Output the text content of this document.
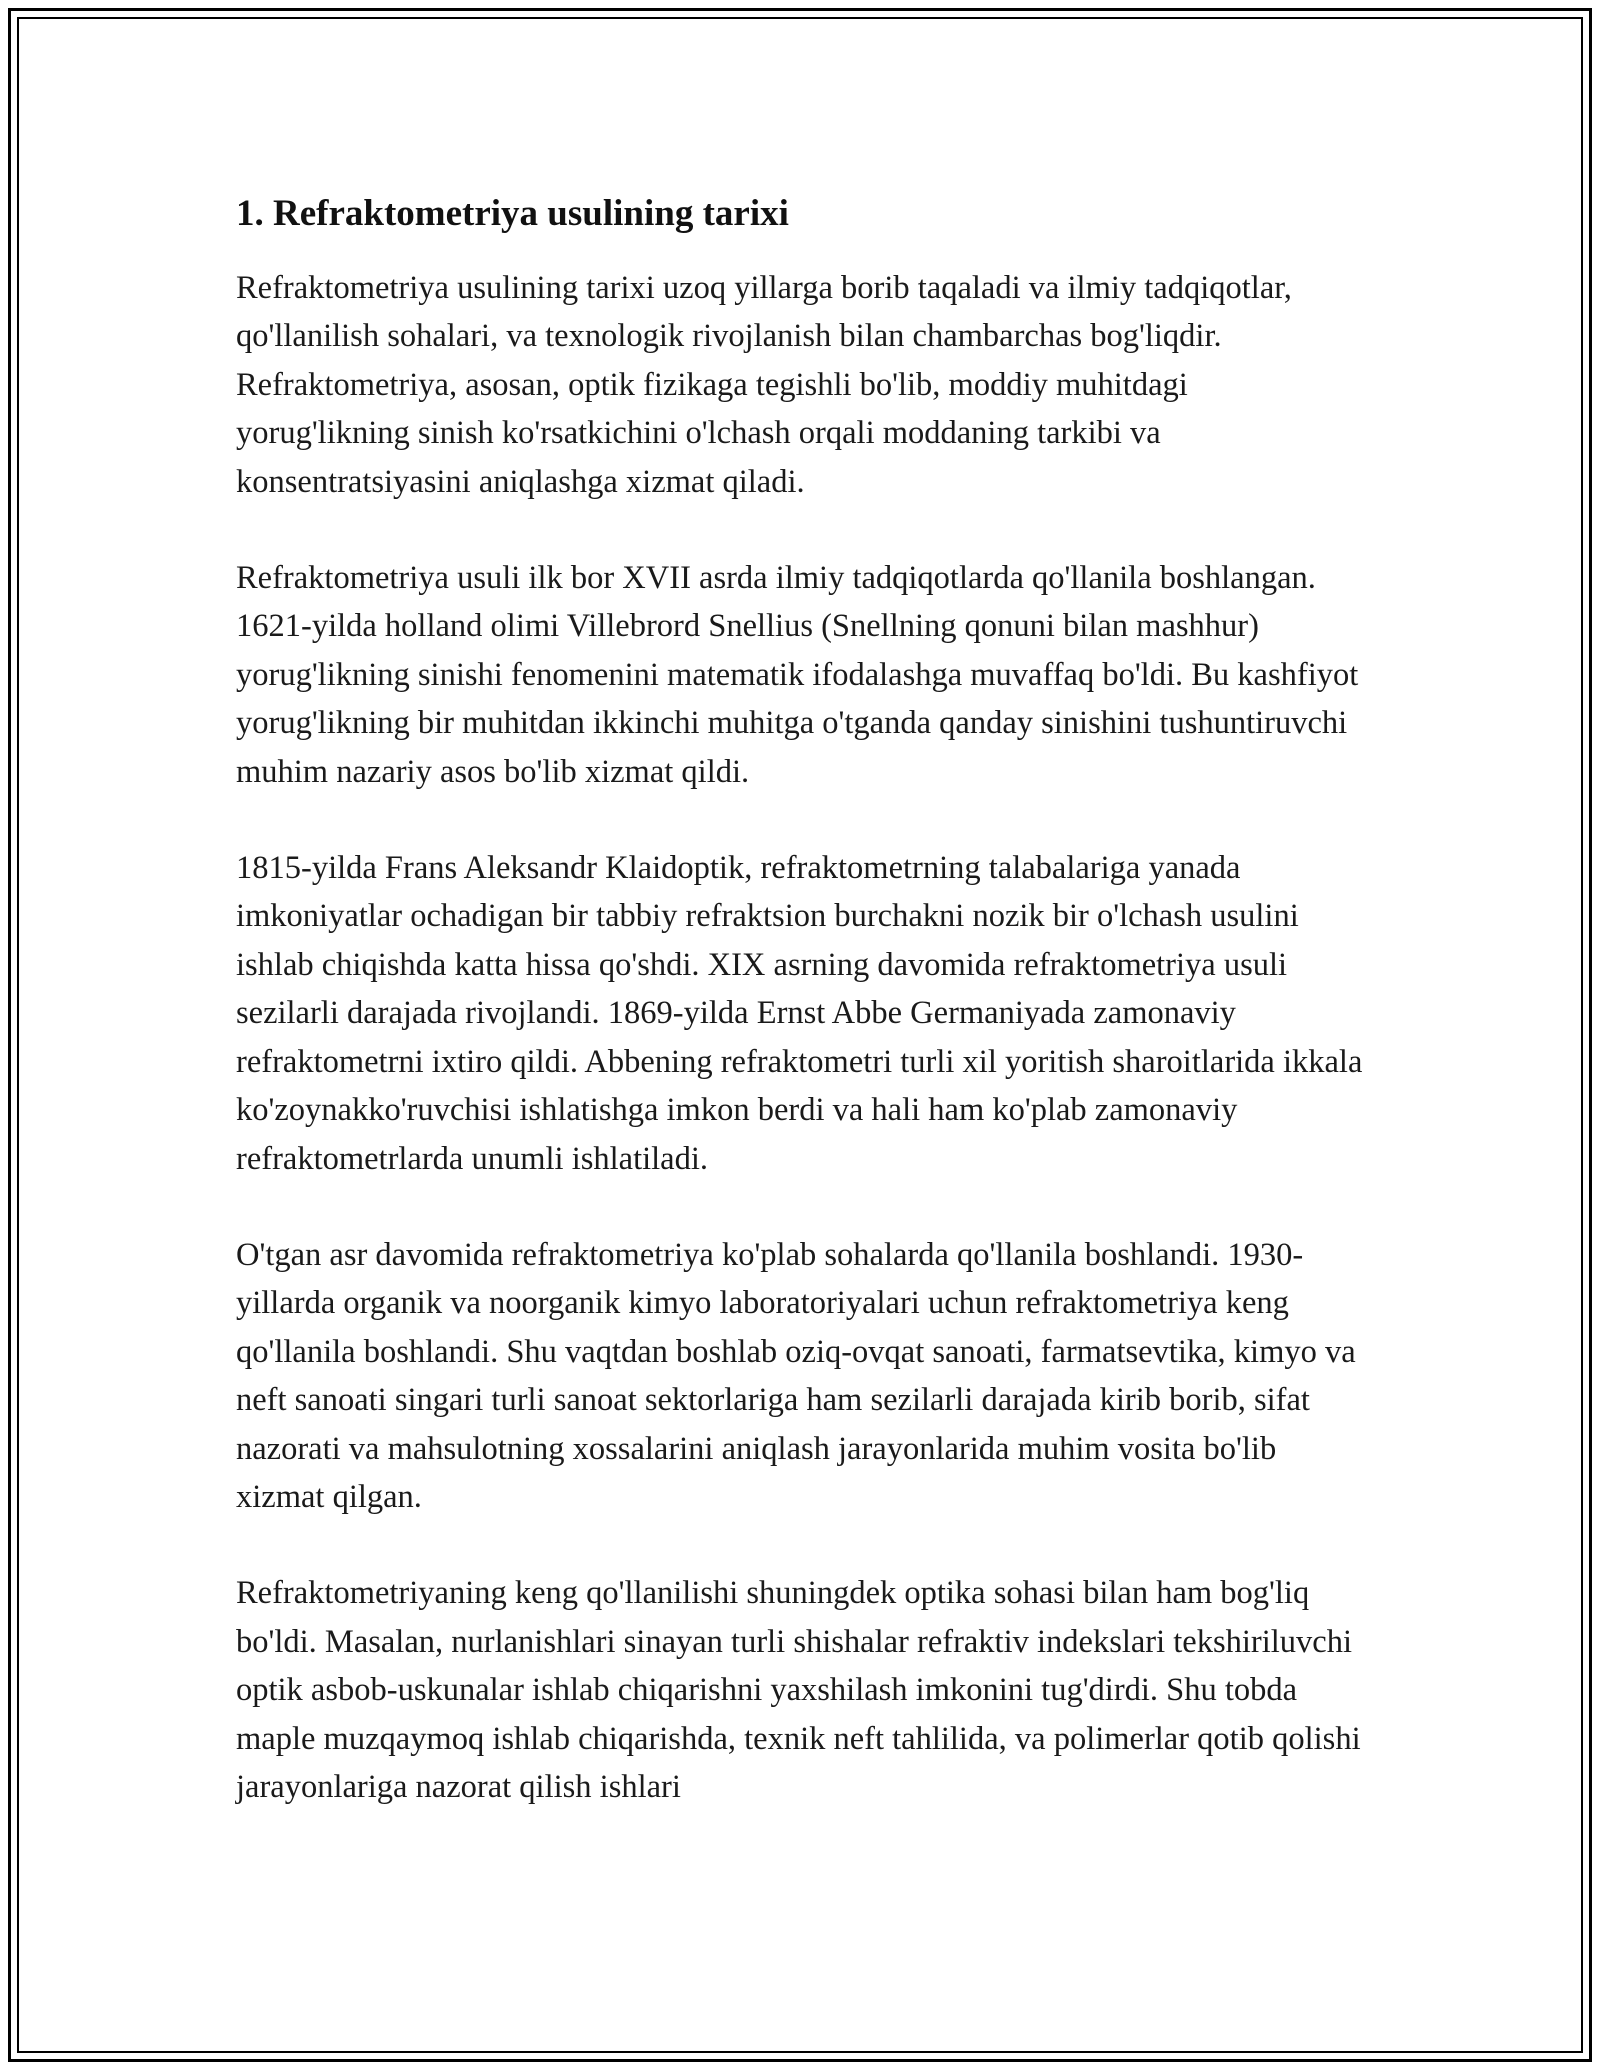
1. Refraktometriya usulining tarixi

Refraktometriya usulining tarixi uzoq yillarga borib taqaladi va ilmiy tadqiqotlar, qo'llanilish sohalari, va texnologik rivojlanish bilan chambarchas bog'liqdir. Refraktometriya, asosan, optik fizikaga tegishli bo'lib, moddiy muhitdagi yorug'likning sinish ko'rsatkichini o'lchash orqali moddaning tarkibi va konsentratsiyasini aniqlashga xizmat qiladi.

Refraktometriya usuli ilk bor XVII asrda ilmiy tadqiqotlarda qo'llanila boshlangan. 1621-yilda holland olimi Villebrord Snellius (Snellning qonuni bilan mashhur) yorug'likning sinishi fenomenini matematik ifodalashga muvaffaq bo'ldi. Bu kashfiyot yorug'likning bir muhitdan ikkinchi muhitga o'tganda qanday sinishini tushuntiruvchi muhim nazariy asos bo'lib xizmat qildi.

1815-yilda Frans Aleksandr Klaidoptik, refraktometrning talabalariga yanada imkoniyatlar ochadigan bir tabbiy refraktsion burchakni nozik bir o'lchash usulini ishlab chiqishda katta hissa qo'shdi. XIX asrning davomida refraktometriya usuli sezilarli darajada rivojlandi. 1869-yilda Ernst Abbe Germaniyada zamonaviy refraktometrni ixtiro qildi. Abbening refraktometri turli xil yoritish sharoitlarida ikkala ko'zoynakko'ruvchisi ishlatishga imkon berdi va hali ham ko'plab zamonaviy refraktometrlarda unumli ishlatiladi.

O'tgan asr davomida refraktometriya ko'plab sohalarda qo'llanila boshlandi. 1930-yillarda organik va noorganik kimyo laboratoriyalari uchun refraktometriya keng qo'llanila boshlandi. Shu vaqtdan boshlab oziq-ovqat sanoati, farmatsevtika, kimyo va neft sanoati singari turli sanoat sektorlariga ham sezilarli darajada kirib borib, sifat nazorati va mahsulotning xossalarini aniqlash jarayonlarida muhim vosita bo'lib xizmat qilgan.

Refraktometriyaning keng qo'llanilishi shuningdek optika sohasi bilan ham bog'liq bo'ldi. Masalan, nurlanishlari sinayan turli shishalar refraktiv indekslari tekshiriluvchi optik asbob-uskunalar ishlab chiqarishni yaxshilash imkonini tug'dirdi. Shu tobda maple muzqaymoq ishlab chiqarishda, texnik neft tahlilida, va polimerlar qotib qolishi jarayonlariga nazorat qilish ishlari
